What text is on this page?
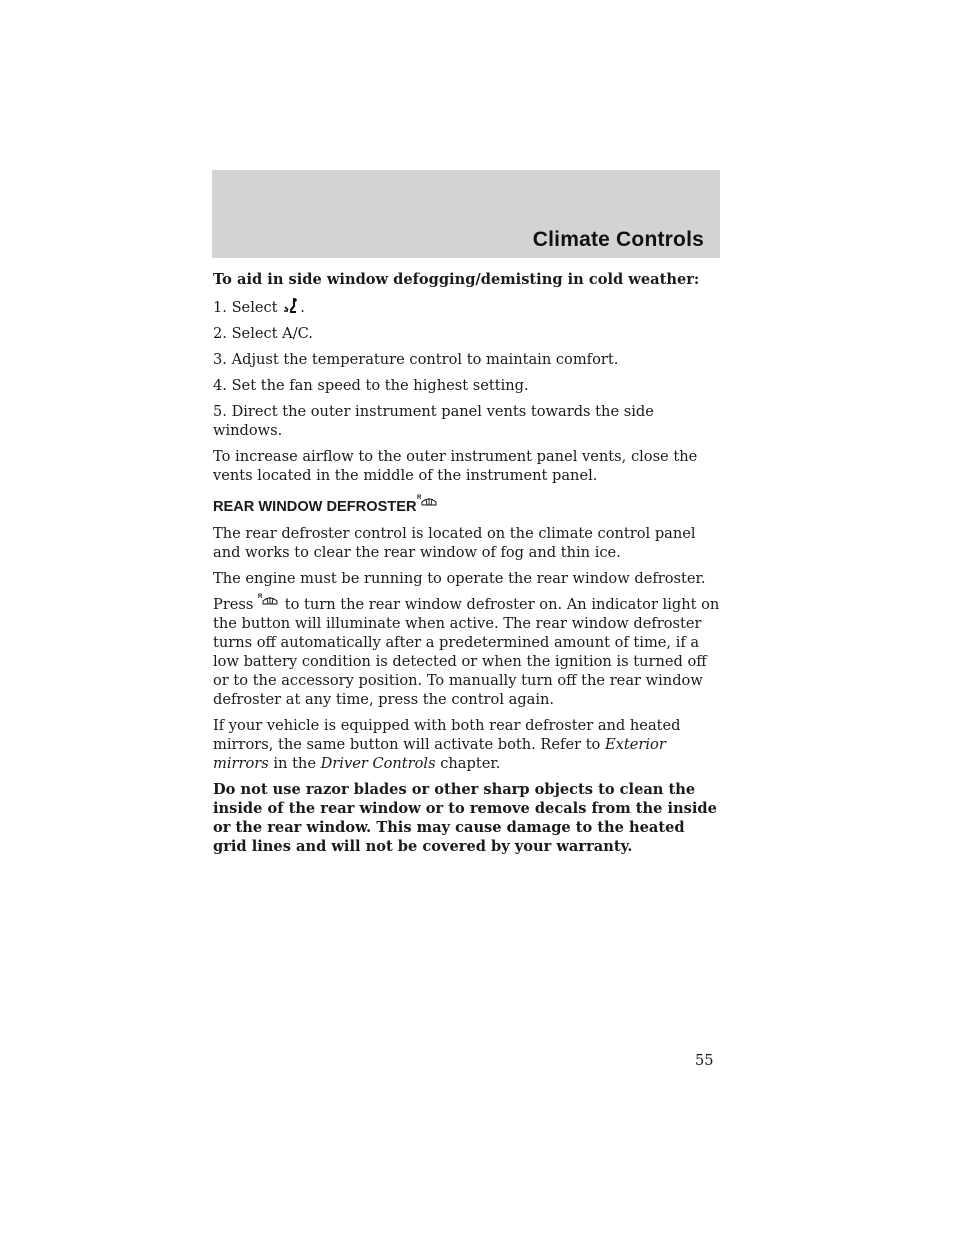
Climate Controls

To aid in side window defogging/demisting in cold weather:

1. Select .

2. Select A/C.

3. Adjust the temperature control to maintain comfort.

4. Set the fan speed to the highest setting.

5. Direct the outer instrument panel vents towards the side windows.

To increase airflow to the outer instrument panel vents, close the vents located in the middle of the instrument panel.

REAR WINDOW DEFROSTER
R

The rear defroster control is located on the climate control panel and works to clear the rear window of fog and thin ice.

The engine must be running to operate the rear window defroster.

Press R to turn the rear window defroster on. An indicator light on the button will illuminate when active. The rear window defroster turns off automatically after a predetermined amount of time, if a low battery condition is detected or when the ignition is turned off or to the accessory position. To manually turn off the rear window defroster at any time, press the control again.

If your vehicle is equipped with both rear defroster and heated mirrors, the same button will activate both. Refer to Exterior mirrors in the Driver Controls chapter.

Do not use razor blades or other sharp objects to clean the inside of the rear window or to remove decals from the inside or the rear window. This may cause damage to the heated grid lines and will not be covered by your warranty.

55
